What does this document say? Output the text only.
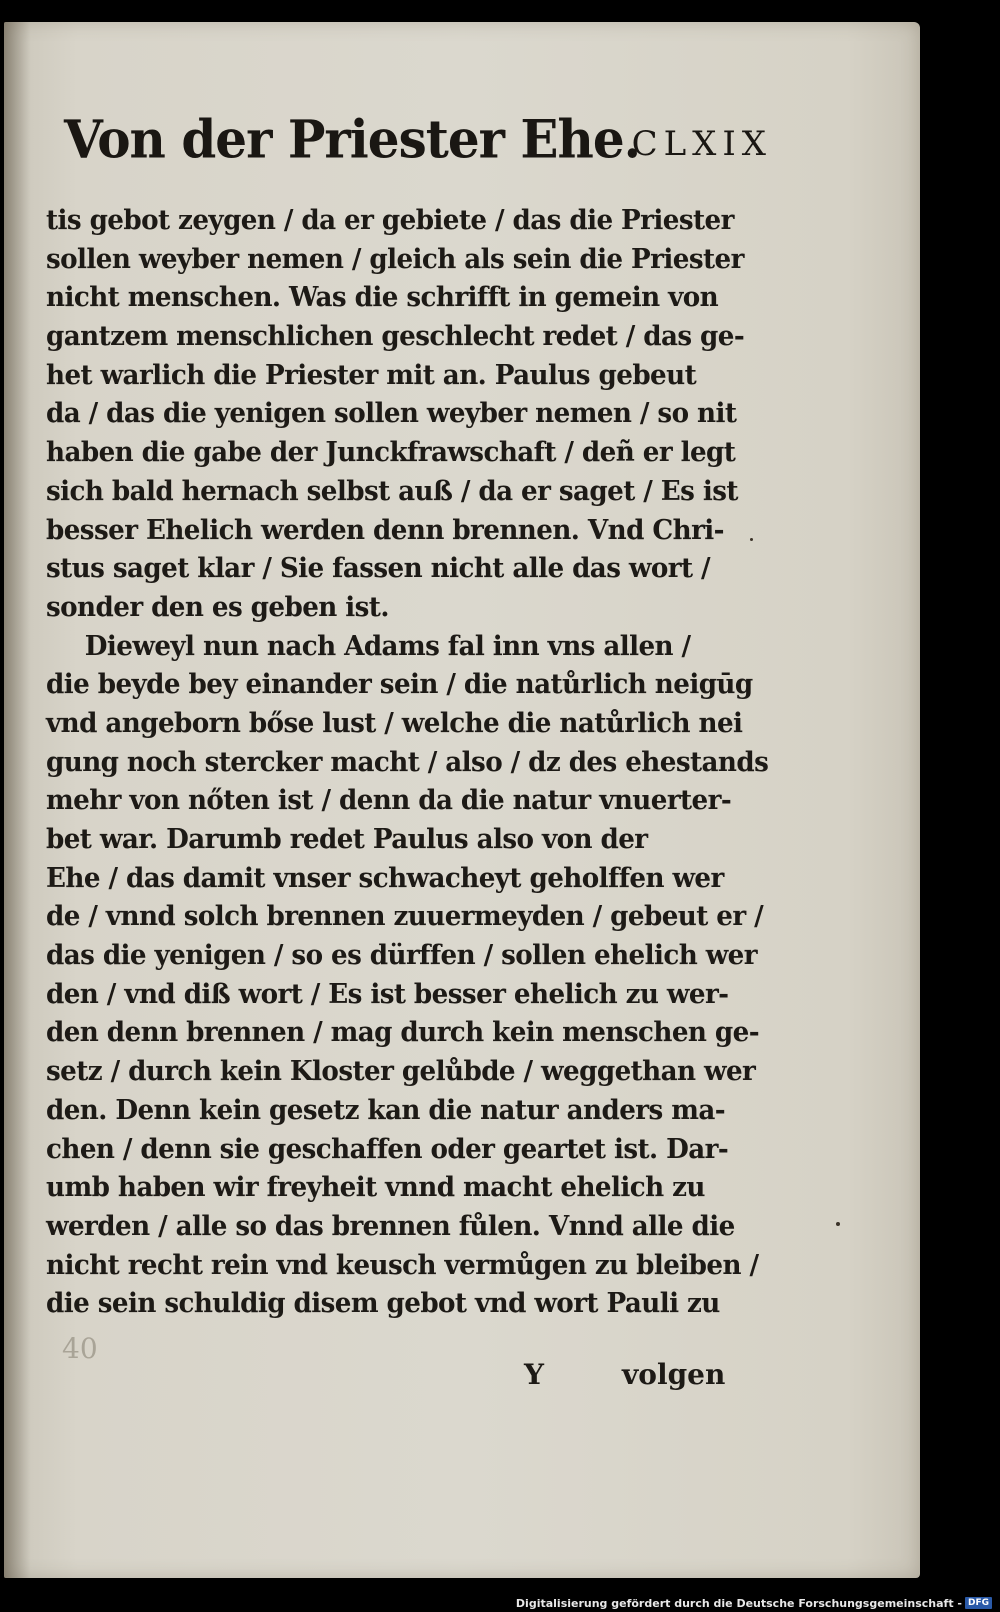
Von der Priester Ehe.
CLXIX
tis gebot zeygen / da er gebiete / das die Priester
sollen weyber nemen / gleich als sein die Priester
nicht menschen. Was die schrifft in gemein von
gantzem menschlichen geschlecht redet / das ge-
het warlich die Priester mit an. Paulus gebeut
da / das die yenigen sollen weyber nemen / so nit
haben die gabe der Junckfrawschaft / deñ er legt
sich bald hernach selbst auß / da er saget / Es ist
besser Ehelich werden denn brennen. Vnd Chri-
stus saget klar / Sie fassen nicht alle das wort /
sonder den es geben ist.
Dieweyl nun nach Adams fal inn vns allen /
die beyde bey einander sein / die natůrlich neigūg
vnd angeborn bőse lust / welche die natůrlich nei
gung noch stercker macht / also / dz des ehestands
mehr von nőten ist / denn da die natur vnuerter-
bet war. Darumb redet Paulus also von der
Ehe / das damit vnser schwacheyt geholffen wer
de / vnnd solch brennen zuuermeyden / gebeut er /
das die yenigen / so es dürffen / sollen ehelich wer
den / vnd diß wort / Es ist besser ehelich zu wer-
den denn brennen / mag durch kein menschen ge-
setz / durch kein Kloster gelůbde / weggethan wer
den. Denn kein gesetz kan die natur anders ma-
chen / denn sie geschaffen oder geartet ist. Dar-
umb haben wir freyheit vnnd macht ehelich zu
werden / alle so das brennen fůlen. Vnnd alle die
nicht recht rein vnd keusch vermůgen zu bleiben /
die sein schuldig disem gebot vnd wort Pauli zu
40
Y	volgen
Digitalisierung gefördert durch die Deutsche Forschungsgemeinschaft - DFG
